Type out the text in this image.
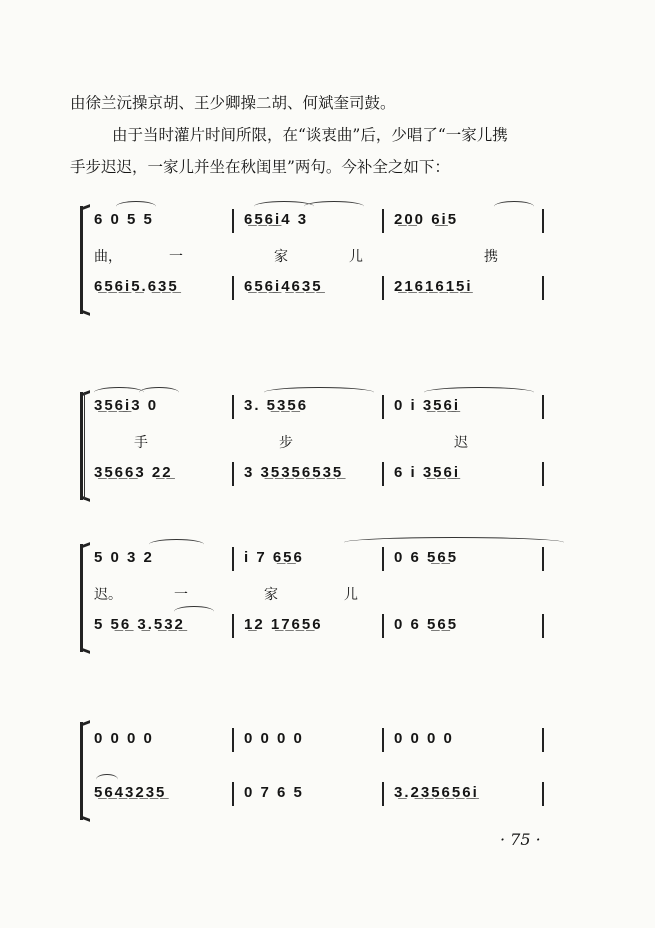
由徐兰沅操京胡、王少卿操二胡、何斌奎司鼓。
由于当时灌片时间所限，在“谈衷曲”后，少唱了“一家儿携
手步迟迟，一家儿并坐在秋闺里”两句。今补全之如下：
6 0 5 5	6̲5̲6̲i̲4 3	2̲0̲0 6̲i̲5
曲，	一	家	儿	携
6̲5̲6̲i̲5̲.6̲3̲5̲	6̲5̲6̲i̲4̲6̲3̲5̲	2̲1̲6̲1̲6̲1̲5̲i̲
3̲5̲6̲i̲3 0	3. 5̲3̲5̲6	0 i 3̲5̲6̲i̲
手	步	迟
3̲5̲6̲6̲3 2̲2̲	3 3̲5̲3̲5̲6̲5̲3̲5̲	6 i 3̲5̲6̲i̲
5 0 3 2	i 7 6̲5̲6	0 6 5̲6̲5
迟。	一	家	儿
5 5̲6̲ 3̲.5̲3̲2̲	1̲2 1̲7̲6̲5̲6	0 6 5̲6̲5
0 0 0 0	0 0 0 0	0 0 0 0
5̲6̲4̲3̲2̲3̲5̲	0 7 6 5	3̲.2̲3̲5̲6̲5̲6̲i̲
· 75 ·
